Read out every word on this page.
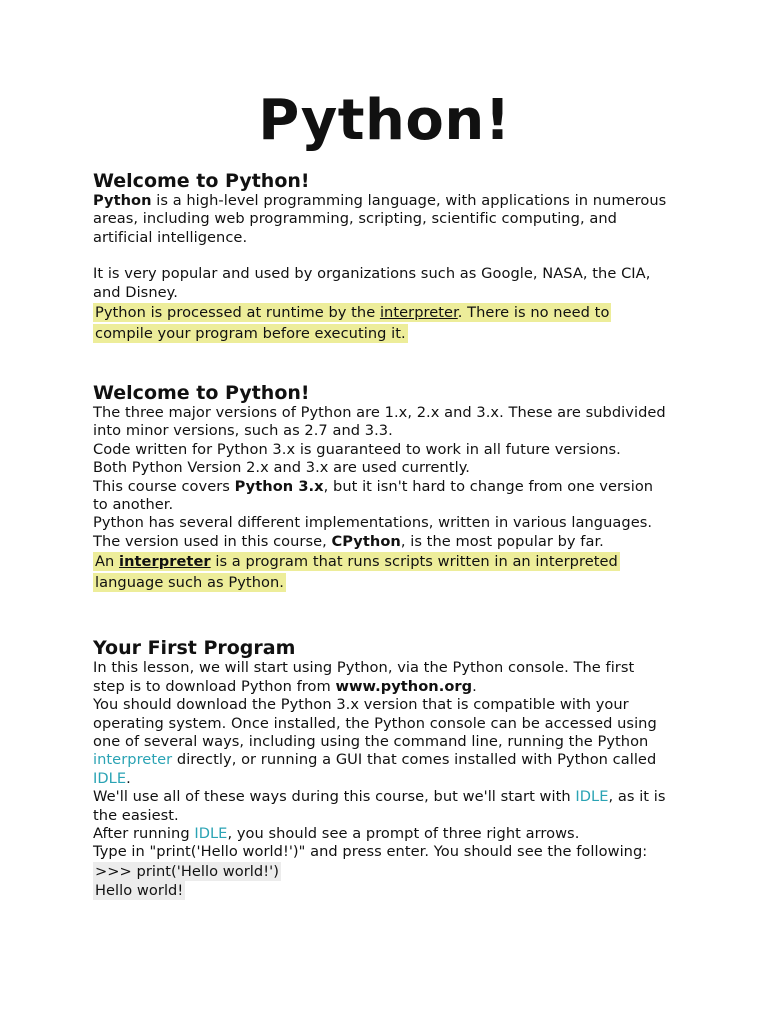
Python!
Welcome to Python!
Python is a high-level programming language, with applications in numerous areas, including web programming, scripting, scientific computing, and artificial intelligence.
It is very popular and used by organizations such as Google, NASA, the CIA, and Disney.
Python is processed at runtime by the interpreter. There is no need to compile your program before executing it.
Welcome to Python!
The three major versions of Python are 1.x, 2.x and 3.x. These are subdivided into minor versions, such as 2.7 and 3.3.
Code written for Python 3.x is guaranteed to work in all future versions.
Both Python Version 2.x and 3.x are used currently.
This course covers Python 3.x, but it isn't hard to change from one version to another.
Python has several different implementations, written in various languages.
The version used in this course, CPython, is the most popular by far.
An interpreter is a program that runs scripts written in an interpreted language such as Python.
Your First Program
In this lesson, we will start using Python, via the Python console. The first step is to download Python from www.python.org.
You should download the Python 3.x version that is compatible with your operating system. Once installed, the Python console can be accessed using one of several ways, including using the command line, running the Python interpreter directly, or running a GUI that comes installed with Python called IDLE.
We'll use all of these ways during this course, but we'll start with IDLE, as it is the easiest.
After running IDLE, you should see a prompt of three right arrows.
Type in "print('Hello world!')" and press enter. You should see the following:
>>> print('Hello world!')
Hello world!
